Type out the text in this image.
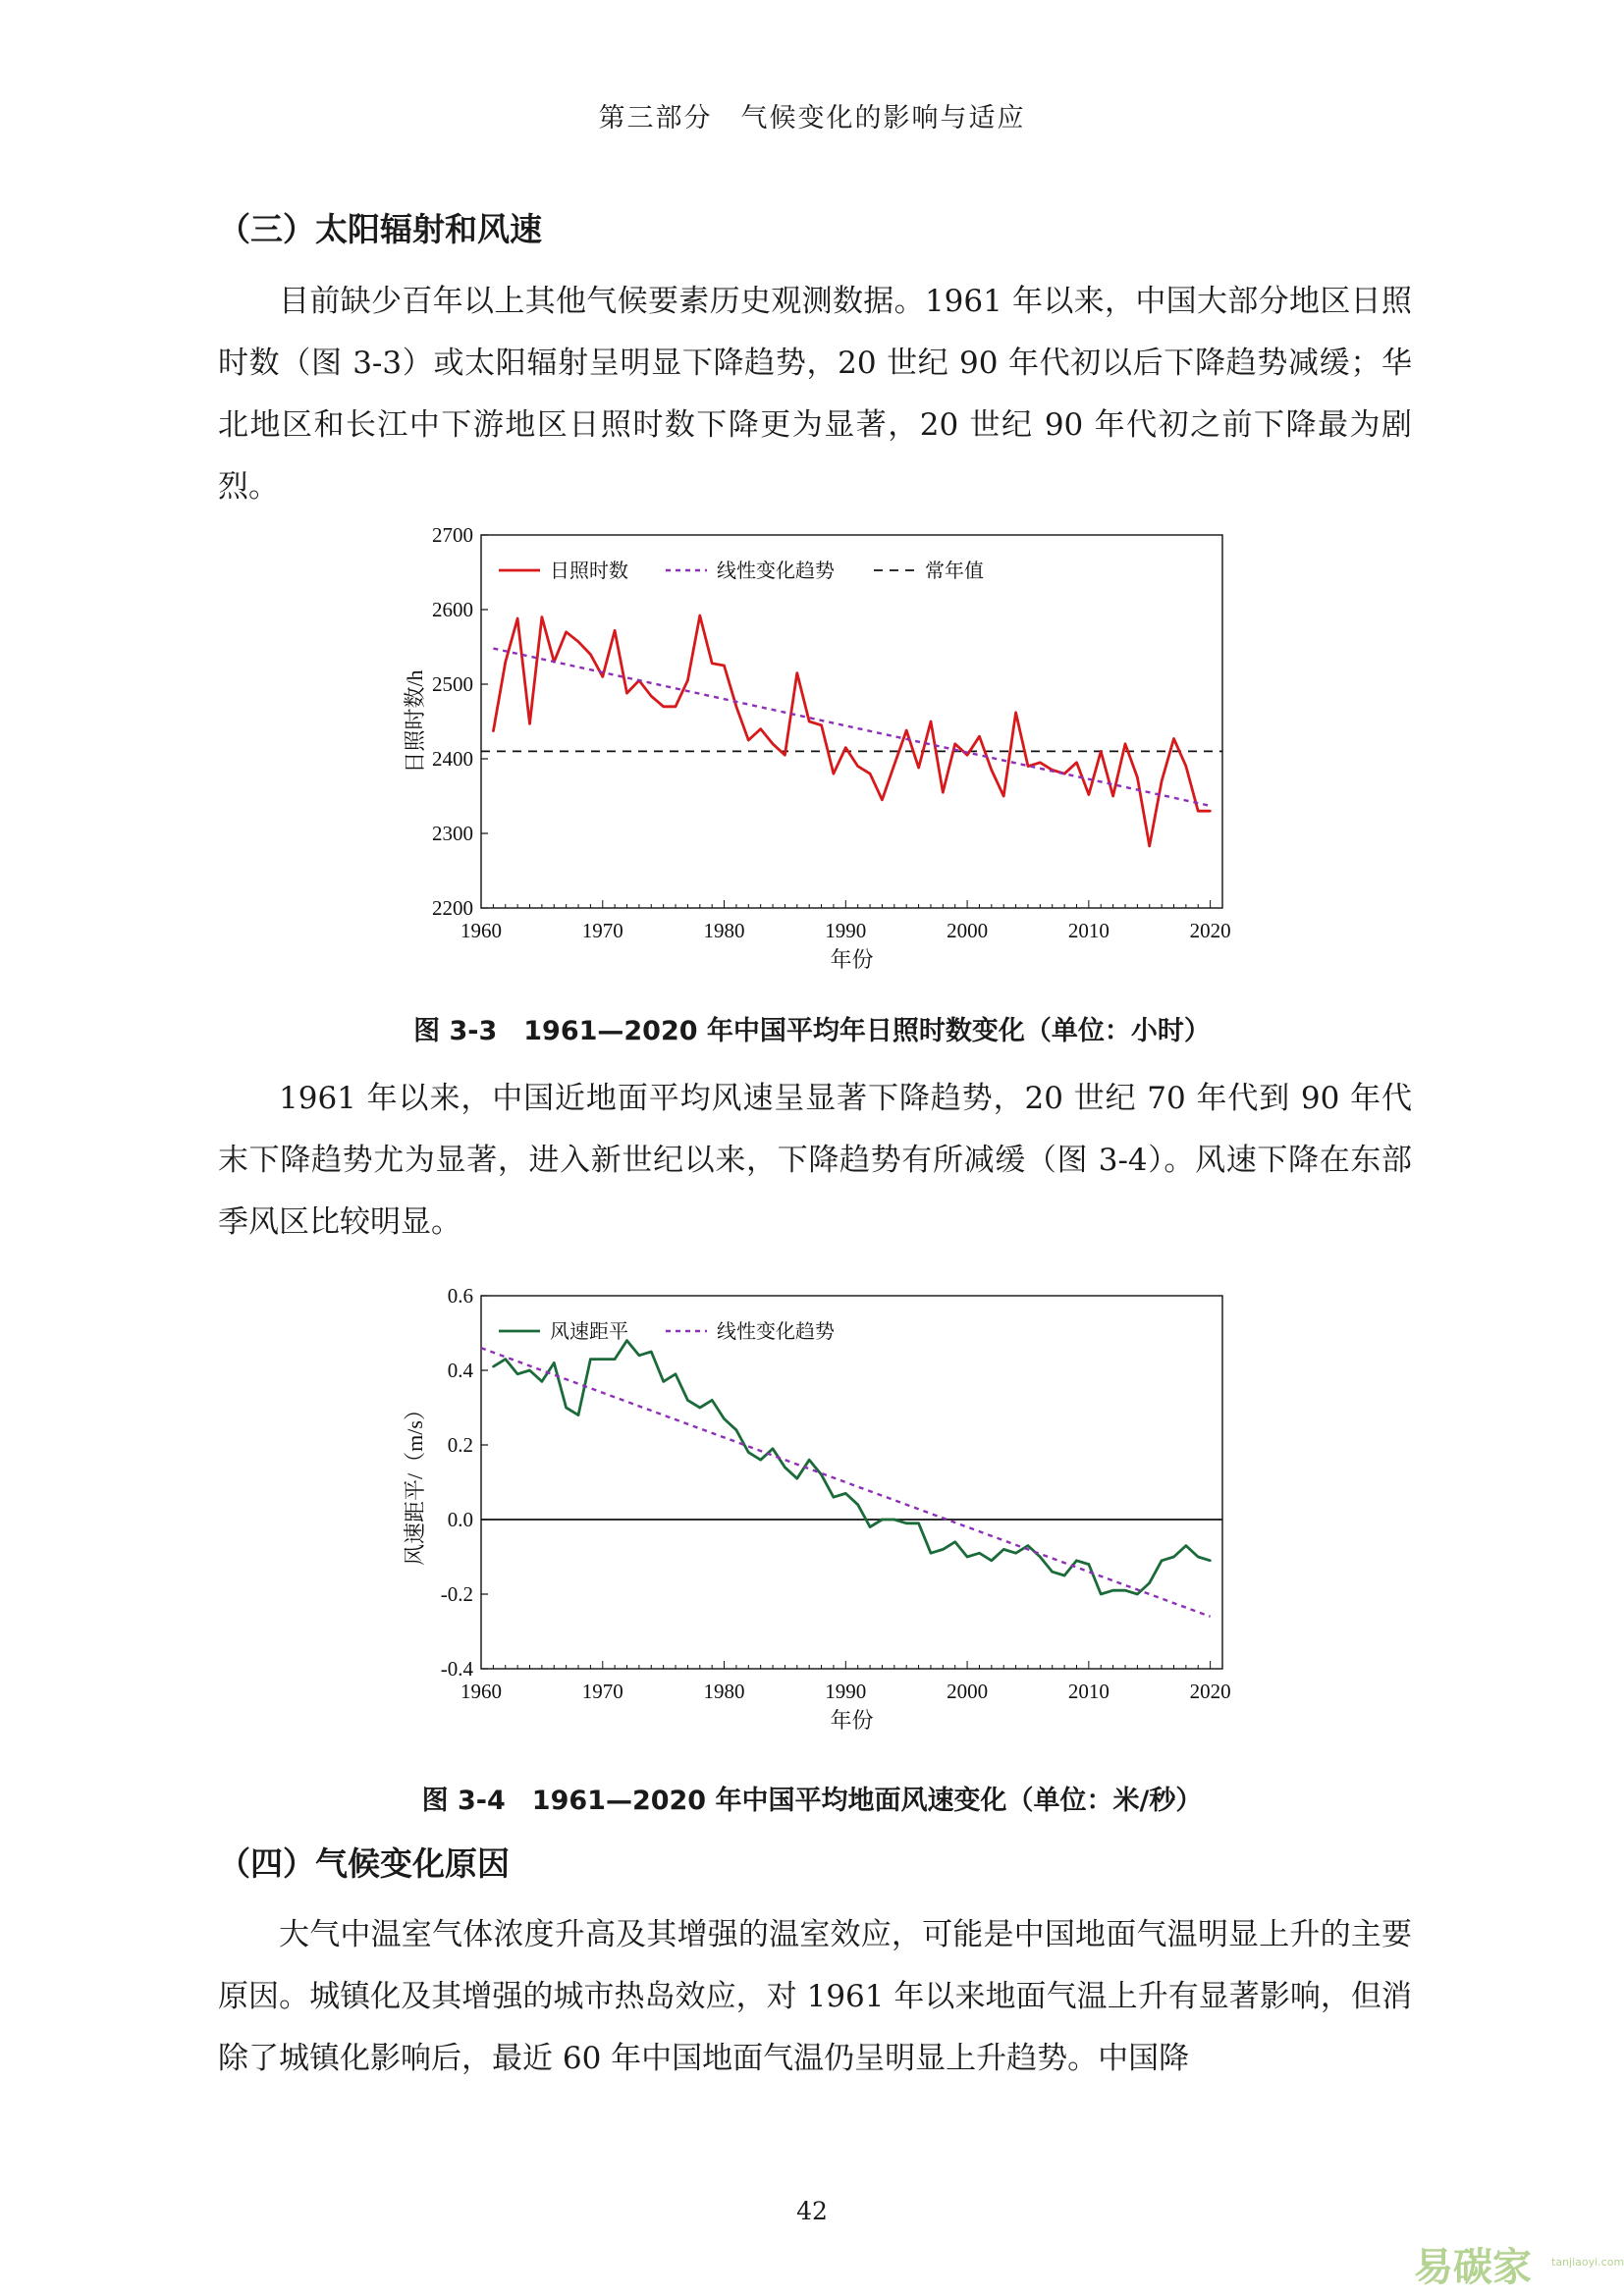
第三部分　气候变化的影响与适应
（三）太阳辐射和风速
目前缺少百年以上其他气候要素历史观测数据。1961 年以来，中国大部分地区日照时数（图 3-3）或太阳辐射呈明显下降趋势，20 世纪 90 年代初以后下降趋势减缓；华北地区和长江中下游地区日照时数下降更为显著，20 世纪 90 年代初之前下降最为剧烈。
2200
2300
2400
2500
2600
2700
1960	1970	1980	1990	2000	2010	2020
年份
日照时数/h
日照时数	线性变化趋势	常年值
图 3-3　1961—2020 年中国平均年日照时数变化（单位：小时）
1961 年以来，中国近地面平均风速呈显著下降趋势，20 世纪 70 年代到 90 年代末下降趋势尤为显著，进入新世纪以来，下降趋势有所减缓（图 3-4）。风速下降在东部季风区比较明显。
-0.4
-0.2
0.0
0.2
0.4
0.6
1960	1970	1980	1990	2000	2010	2020
年份
风速距平/（m/s）
风速距平	线性变化趋势
图 3-4　1961—2020 年中国平均地面风速变化（单位：米/秒）
（四）气候变化原因
大气中温室气体浓度升高及其增强的温室效应，可能是中国地面气温明显上升的主要原因。城镇化及其增强的城市热岛效应，对 1961 年以来地面气温上升有显著影响，但消除了城镇化影响后，最近 60 年中国地面气温仍呈明显上升趋势。中国降
42
易碳家 tanjiaoyi.com
